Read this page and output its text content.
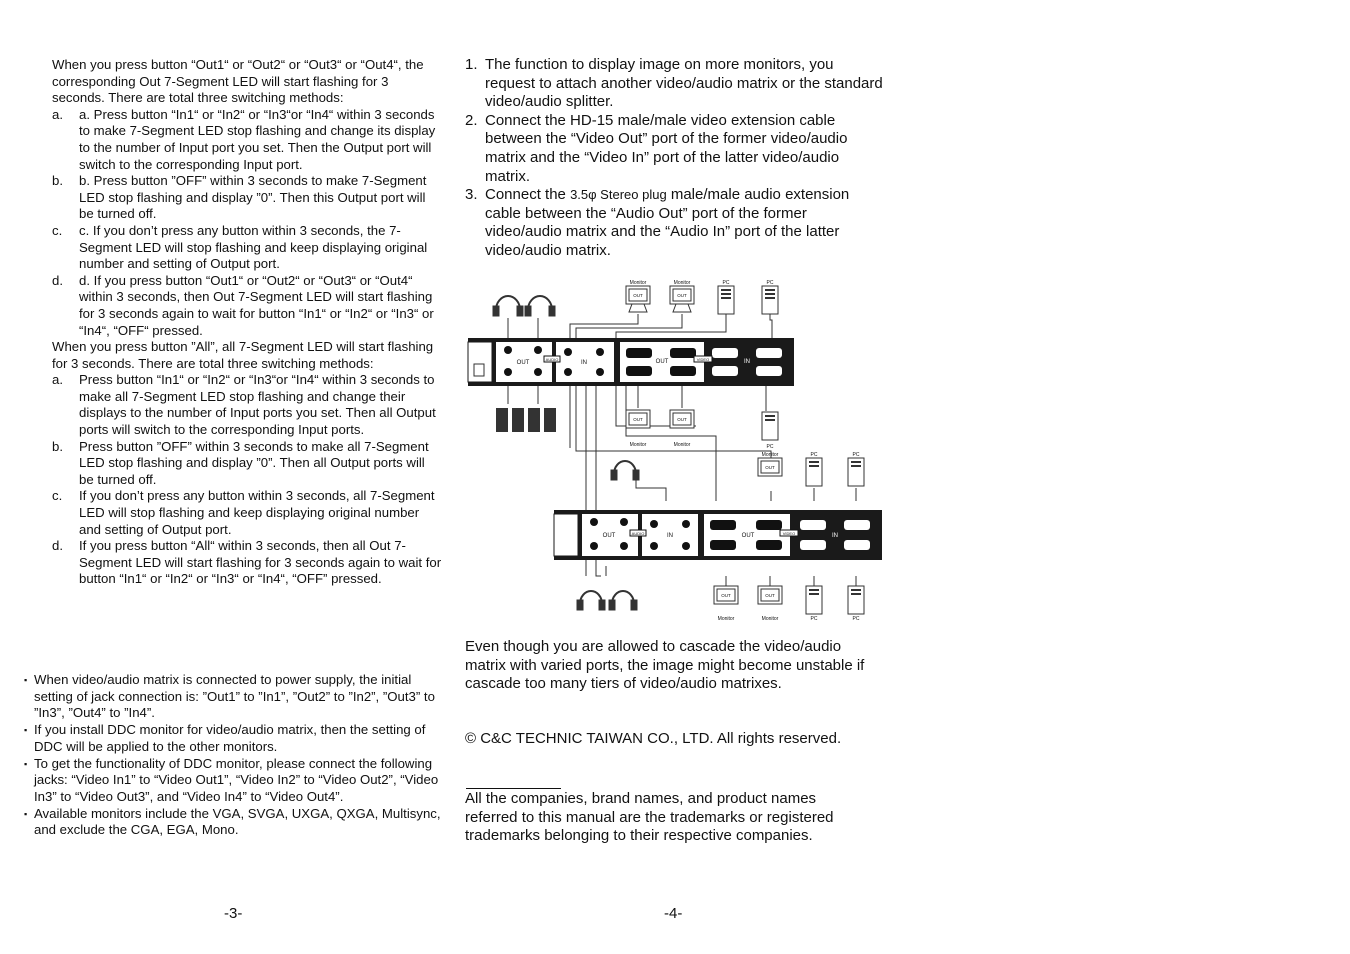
When you press button “Out1“ or “Out2“ or “Out3“ or “Out4“, the corresponding Out 7-Segment LED will start flashing for 3 seconds. There are total three switching methods:

a. a. Press button “In1“ or “In2“ or “In3“or “In4“ within 3 seconds to make 7-Segment LED stop flashing and change its display to the number of Input port you set. Then the Output port will switch to the corresponding Input port.
b. b. Press button ”OFF” within 3 seconds to make 7-Segment LED stop flashing and display ”0”. Then this Output port will be turned off.
c. c. If you don’t press any button within 3 seconds, the 7-Segment LED will stop flashing and keep displaying original number and setting of Output port.
d. d. If you press button “Out1“ or “Out2“ or “Out3“ or “Out4“ within 3 seconds, then Out 7-Segment LED will start flashing for 3 seconds again to wait for button “In1“ or “In2“ or “In3“ or “In4“, “OFF“ pressed.

When you press button ”All”, all 7-Segment LED will start flashing for 3 seconds. There are total three switching methods:

a. Press button “In1“ or “In2“ or “In3“or “In4“ within 3 seconds to make all 7-Segment LED stop flashing and change their displays to the number of Input ports you set. Then all Output ports will switch to the corresponding Input ports.
b. Press button ”OFF” within 3 seconds to make all 7-Segment LED stop flashing and display ”0”. Then all Output ports will be turned off.
c. If you don’t press any button within 3 seconds, all 7-Segment LED will stop flashing and keep displaying original number and setting of Output port.
d. If you press button “All“ within 3 seconds, then all Out 7-Segment LED will start flashing for 3 seconds again to wait for button “In1“ or “In2“ or “In3“ or “In4“, “OFF” pressed.
▪ When video/audio matrix is connected to power supply, the initial setting of jack connection is: ”Out1” to ”In1”, ”Out2” to ”In2”, ”Out3” to ”In3”, ”Out4” to ”In4”.
▪ If you install DDC monitor for video/audio matrix, then the setting of DDC will be applied to the other monitors.
▪ To get the functionality of DDC monitor, please connect the following jacks: “Video In1” to “Video Out1”, “Video In2” to “Video Out2”, “Video In3” to “Video Out3”, and “Video In4” to “Video Out4”.
▪ Available monitors include the VGA, SVGA, UXGA, QXGA, Multisync, and exclude the CGA, EGA, Mono.
-3-
1. The function to display image on more monitors, you request to attach another video/audio matrix or the standard video/audio splitter.
2. Connect the HD-15 male/male video extension cable between the “Video Out” port of the former video/audio matrix and the “Video In” port of the latter video/audio matrix.
3. Connect the 3.5φ Stereo plug male/male audio extension cable between the “Audio Out” port of the former video/audio matrix and the “Audio In” port of the latter video/audio matrix.
Monitor
OUT
Monitor
OUT
PC	PC
OUT	IN	OUT	IN
AUDIO	VIDEO
OUT
Monitor
OUT
Monitor	PC
Monitor
OUT
PC	PC
OUT	IN	OUT	IN
AUDIO	VIDEO
OUT
Monitor
OUT
Monitor	PC	PC

Even though you are allowed to cascade the video/audio matrix with varied ports, the image might become unstable if cascade too many tiers of video/audio matrixes.

© C&C TECHNIC TAIWAN CO., LTD. All rights reserved.

All the companies, brand names, and product names referred to this manual are the trademarks or registered trademarks belonging to their respective companies.

-4-
